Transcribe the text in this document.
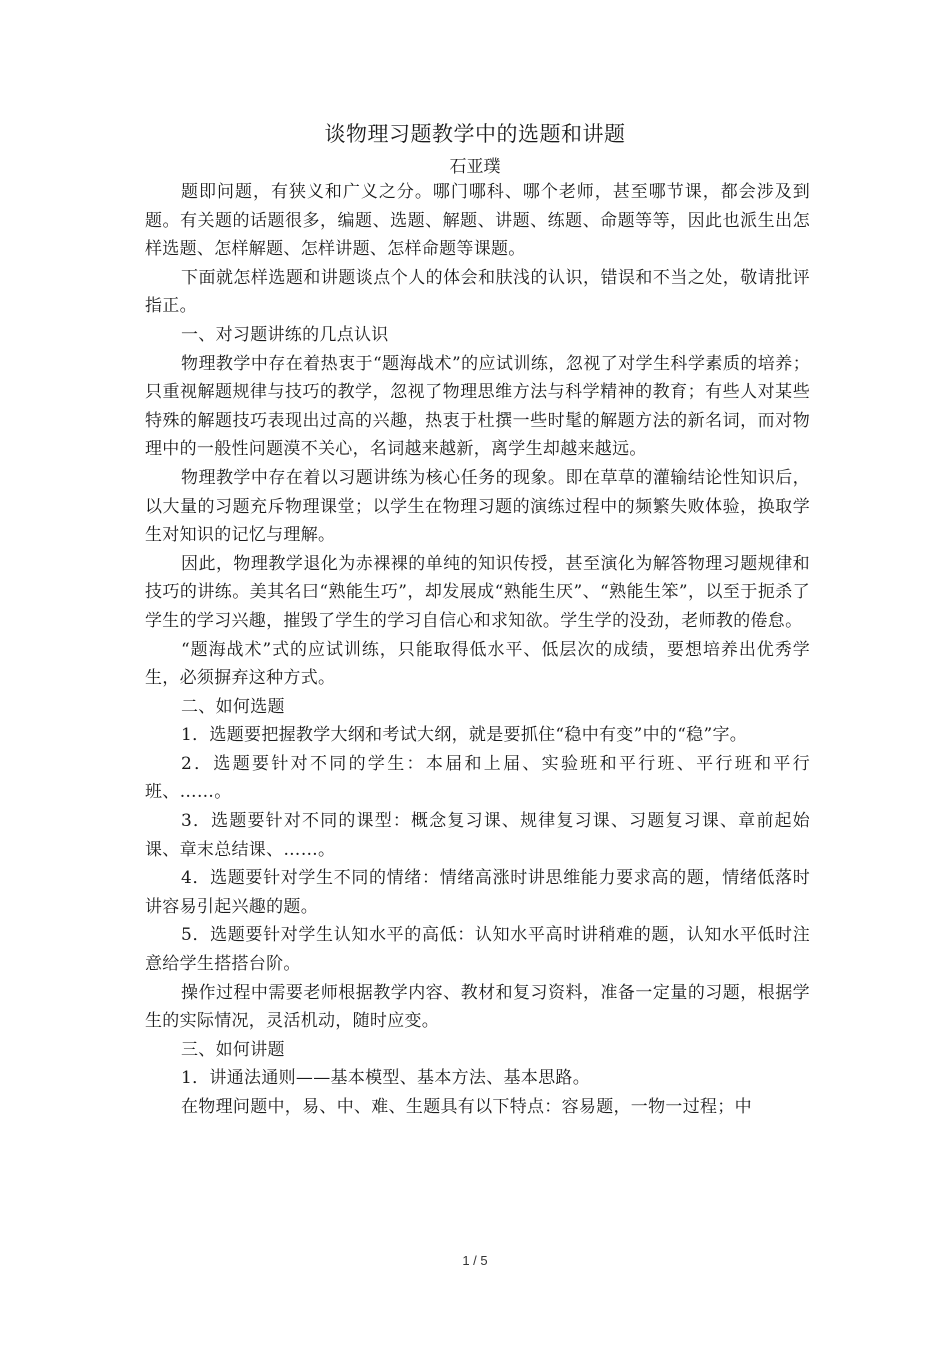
谈物理习题教学中的选题和讲题
石亚璞

题即问题，有狭义和广义之分。哪门哪科、哪个老师，甚至哪节课，都会涉及到题。有关题的话题很多，编题、选题、解题、讲题、练题、命题等等，因此也派生出怎样选题、怎样解题、怎样讲题、怎样命题等课题。

下面就怎样选题和讲题谈点个人的体会和肤浅的认识，错误和不当之处，敬请批评指正。

一、对习题讲练的几点认识

物理教学中存在着热衷于“题海战术”的应试训练，忽视了对学生科学素质的培养；只重视解题规律与技巧的教学，忽视了物理思维方法与科学精神的教育；有些人对某些特殊的解题技巧表现出过高的兴趣，热衷于杜撰一些时髦的解题方法的新名词，而对物理中的一般性问题漠不关心，名词越来越新，离学生却越来越远。

物理教学中存在着以习题讲练为核心任务的现象。即在草草的灌输结论性知识后，以大量的习题充斥物理课堂；以学生在物理习题的演练过程中的频繁失败体验，换取学生对知识的记忆与理解。

因此，物理教学退化为赤裸裸的单纯的知识传授，甚至演化为解答物理习题规律和技巧的讲练。美其名曰“熟能生巧”，却发展成“熟能生厌”、“熟能生笨”，以至于扼杀了学生的学习兴趣，摧毁了学生的学习自信心和求知欲。学生学的没劲，老师教的倦怠。

“题海战术”式的应试训练，只能取得低水平、低层次的成绩，要想培养出优秀学生，必须摒弃这种方式。

二、如何选题

1．选题要把握教学大纲和考试大纲，就是要抓住“稳中有变”中的“稳”字。

2．选题要针对不同的学生：本届和上届、实验班和平行班、平行班和平行班、……。

3．选题要针对不同的课型：概念复习课、规律复习课、习题复习课、章前起始课、章末总结课、……。

4．选题要针对学生不同的情绪：情绪高涨时讲思维能力要求高的题，情绪低落时讲容易引起兴趣的题。

5．选题要针对学生认知水平的高低：认知水平高时讲稍难的题，认知水平低时注意给学生搭搭台阶。

操作过程中需要老师根据教学内容、教材和复习资料，准备一定量的习题，根据学生的实际情况，灵活机动，随时应变。

三、如何讲题

1．讲通法通则——基本模型、基本方法、基本思路。

在物理问题中，易、中、难、生题具有以下特点：容易题，一物一过程；中

1 / 5
